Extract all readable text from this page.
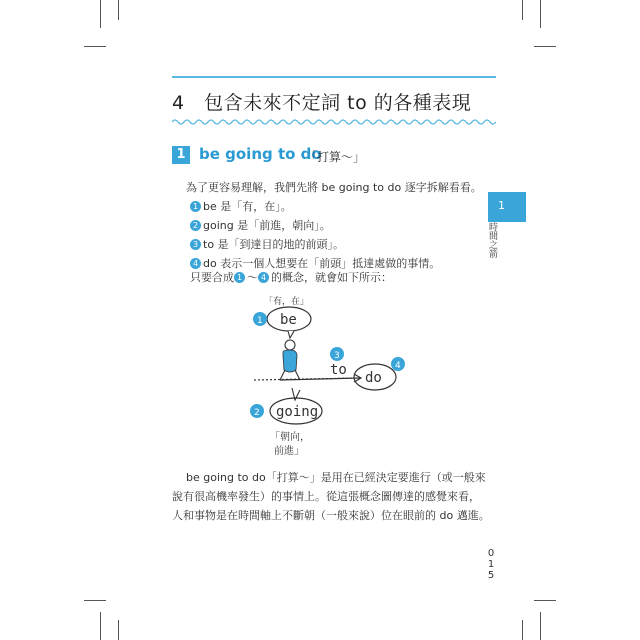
4　包含未來不定詞 to 的各種表現
1 be going to do
「打算～」
為了更容易理解，我們先將 be going to do 逐字拆解看看。
1 be 是「有，在」。
2 going 是「前進，朝向」。
3 to 是「到達目的地的前頭」。
4 do 表示一個人想要在「前頭」抵達處做的事情。
只要合成 1 ～ 4 的概念，就會如下所示：
「有，在」
be
1
3
to do
4
going
2
「朝向，
前進」
be going to do「打算～」是用在已經決定要進行（或一般來
說有很高機率發生）的事情上。從這張概念圖傳達的感覺來看，
人和事物是在時間軸上不斷朝（一般來說）位在眼前的 do 邁進。
1
時間之箭
0
1
5
